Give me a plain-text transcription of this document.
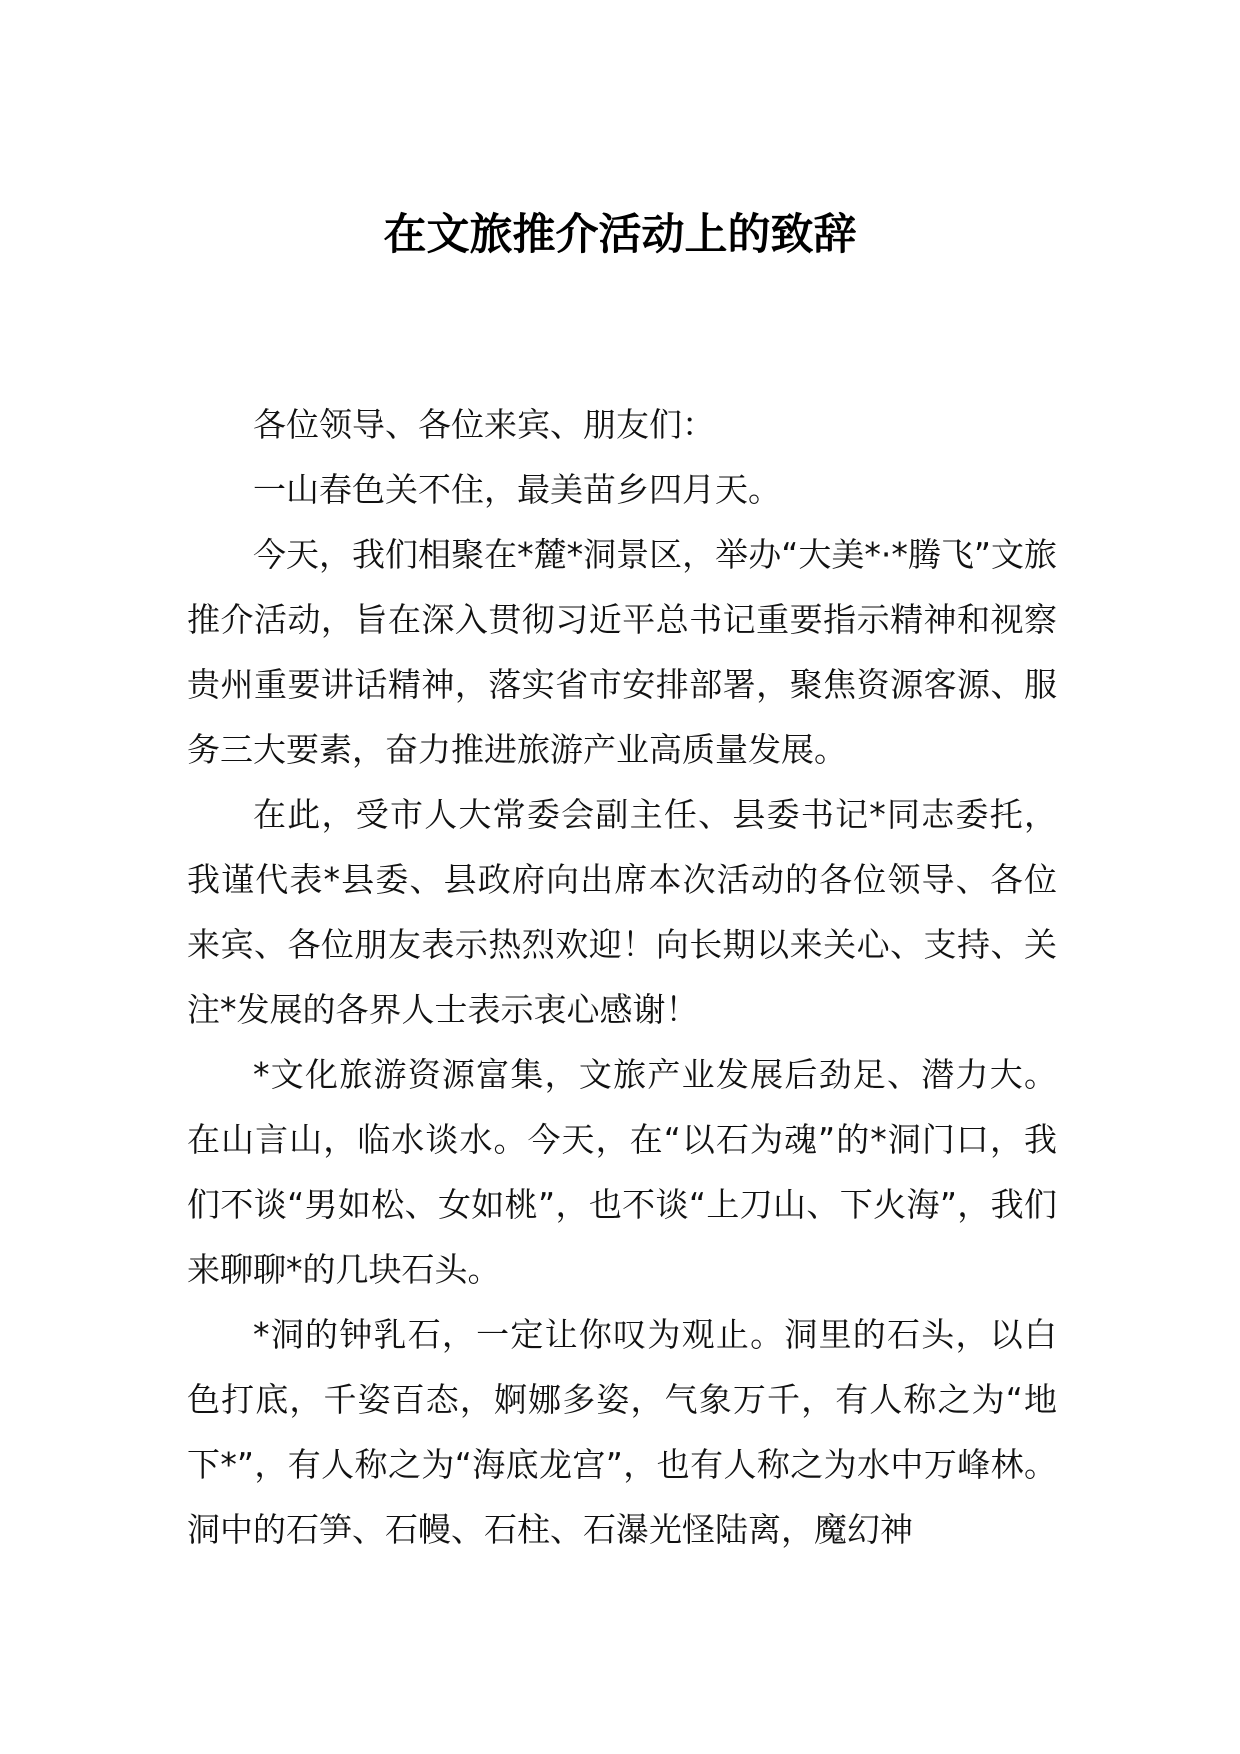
在文旅推介活动上的致辞

各位领导、各位来宾、朋友们：

一山春色关不住，最美苗乡四月天。

今天，我们相聚在*麓*洞景区，举办“大美*·*腾飞”文旅推介活动，旨在深入贯彻习近平总书记重要指示精神和视察贵州重要讲话精神，落实省市安排部署，聚焦资源客源、服务三大要素，奋力推进旅游产业高质量发展。

在此，受市人大常委会副主任、县委书记*同志委托，我谨代表*县委、县政府向出席本次活动的各位领导、各位来宾、各位朋友表示热烈欢迎！向长期以来关心、支持、关注*发展的各界人士表示衷心感谢！

*文化旅游资源富集，文旅产业发展后劲足、潜力大。在山言山，临水谈水。今天，在“以石为魂”的*洞门口，我们不谈“男如松、女如桃”，也不谈“上刀山、下火海”，我们来聊聊*的几块石头。

*洞的钟乳石，一定让你叹为观止。洞里的石头，以白色打底，千姿百态，婀娜多姿，气象万千，有人称之为“地下*”，有人称之为“海底龙宫”，也有人称之为水中万峰林。洞中的石笋、石幔、石柱、石瀑光怪陆离，魔幻神
